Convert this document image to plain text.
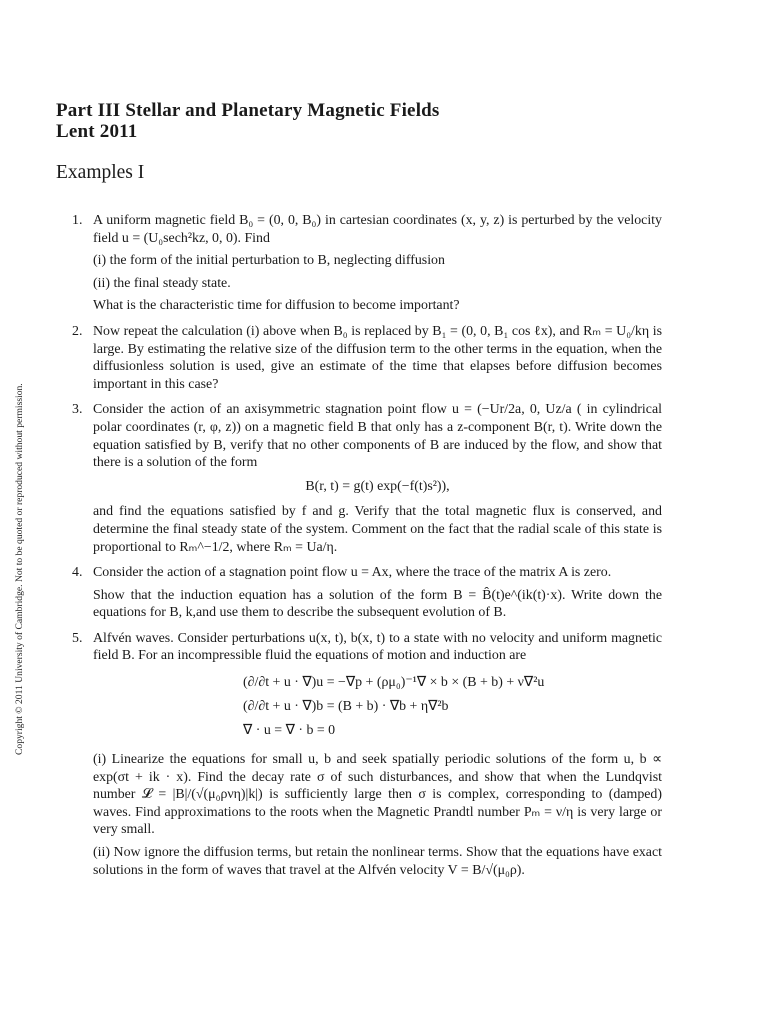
Copyright © 2011 University of Cambridge. Not to be quoted or reproduced without permission.
Part III Stellar and Planetary Magnetic Fields
Lent 2011
Examples I
1. A uniform magnetic field B₀ = (0, 0, B₀) in cartesian coordinates (x, y, z) is perturbed by the velocity field u = (U₀sech²kz, 0, 0). Find

(i) the form of the initial perturbation to B, neglecting diffusion

(ii) the final steady state.

What is the characteristic time for diffusion to become important?

2. Now repeat the calculation (i) above when B₀ is replaced by B₁ = (0, 0, B₁ cos ℓx), and Rₘ = U₀/kη is large. By estimating the relative size of the diffusion term to the other terms in the equation, when the diffusionless solution is used, give an estimate of the time that elapses before diffusion becomes important in this case?

3. Consider the action of an axisymmetric stagnation point flow u = (−Ur/2a, 0, Uz/a ( in cylindrical polar coordinates (r, φ, z)) on a magnetic field B that only has a z-component B(r, t). Write down the equation satisfied by B, verify that no other components of B are induced by the flow, and show that there is a solution of the form

B(r, t) = g(t) exp(−f(t)s²)),

and find the equations satisfied by f and g. Verify that the total magnetic flux is conserved, and determine the final steady state of the system. Comment on the fact that the radial scale of this state is proportional to Rₘ^−1/2, where Rₘ = Ua/η.

4. Consider the action of a stagnation point flow u = Ax, where the trace of the matrix A is zero.

Show that the induction equation has a solution of the form B = B̂(t)e^(ik(t)·x). Write down the equations for B, k,and use them to describe the subsequent evolution of B.

5. Alfvén waves. Consider perturbations u(x, t), b(x, t) to a state with no velocity and uniform magnetic field B. For an incompressible fluid the equations of motion and induction are

(∂/∂t + u · ∇)u = −∇p + (ρμ₀)⁻¹∇ × b × (B + b) + ν∇²u
(∂/∂t + u · ∇)b = (B + b) · ∇b + η∇²b
∇ · u = ∇ · b = 0

(i) Linearize the equations for small u, b and seek spatially periodic solutions of the form u, b ∝ exp(σt + ik · x). Find the decay rate σ of such disturbances, and show that when the Lundqvist number 𝓛 = |B|/(√(μ₀ρνη)|k|) is sufficiently large then σ is complex, corresponding to (damped) waves. Find approximations to the roots when the Magnetic Prandtl number Pₘ = ν/η is very large or very small.

(ii) Now ignore the diffusion terms, but retain the nonlinear terms. Show that the equations have exact solutions in the form of waves that travel at the Alfvén velocity V = B/√(μ₀ρ).
